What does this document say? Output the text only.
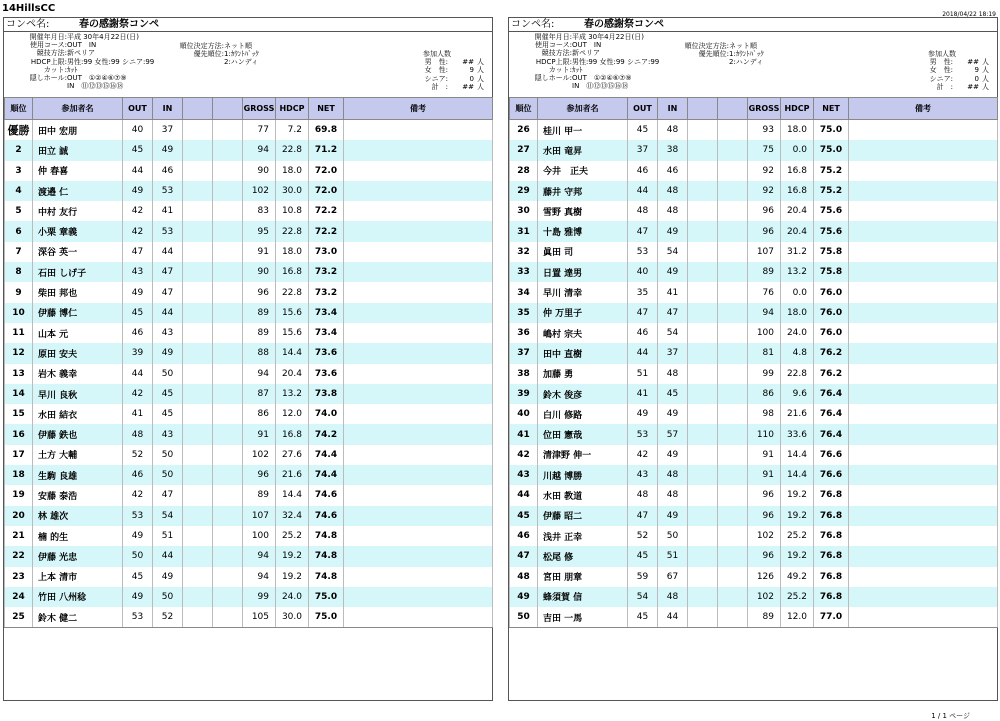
14HillsCC
2018/04/22 18:19
コンペ名:	春の感謝祭コンペ
開催年月日:平成 30年4月22日(日)
使用コース:OUT　IN
競技方法:新ペリア
HDCP上限:男性:99 女性:99 シニア:99
カット:ｶｯﾄ
隠しホール:OUT　①②④⑥⑦⑨
IN　⑪⑫⑬⑮⑯⑱
順位決定方法:ネット順
優先順位:1:ｶｳﾝﾄﾊﾞｯｸ
2:ハンディ
参加人数
男　性: ## 人
女　性:	9 人
シニア:	0 人
計　: ## 人
順位	参加者名	OUT	IN			GROSS	HDCP	NET	備考
優勝	田中 宏朋	40	37			77	7.2	69.8	
2	田立 誠	45	49			94	22.8	71.2	
3	仲 春喜	44	46			90	18.0	72.0	
4	渡邉 仁	49	53			102	30.0	72.0	
5	中村 友行	42	41			83	10.8	72.2	
6	小栗 章義	42	53			95	22.8	72.2	
7	深谷 英一	47	44			91	18.0	73.0	
8	石田 しげ子	43	47			90	16.8	73.2	
9	柴田 邦也	49	47			96	22.8	73.2	
10	伊藤 博仁	45	44			89	15.6	73.4	
11	山本 元	46	43			89	15.6	73.4	
12	原田 安夫	39	49			88	14.4	73.6	
13	岩木 義幸	44	50			94	20.4	73.6	
14	早川 良秋	42	45			87	13.2	73.8	
15	水田 結衣	41	45			86	12.0	74.0	
16	伊藤 鉄也	48	43			91	16.8	74.2	
17	土方 大輔	52	50			102	27.6	74.4	
18	生駒 良雄	46	50			96	21.6	74.4	
19	安藤 泰浩	42	47			89	14.4	74.6	
20	林 雄次	53	54			107	32.4	74.6	
21	楠 的生	49	51			100	25.2	74.8	
22	伊藤 光忠	50	44			94	19.2	74.8	
23	上本 清市	45	49			94	19.2	74.8	
24	竹田 八州稔	49	50			99	24.0	75.0	
25	鈴木 健二	53	52			105	30.0	75.0	
コンペ名:	春の感謝祭コンペ
開催年月日:平成 30年4月22日(日)
使用コース:OUT　IN
競技方法:新ペリア
HDCP上限:男性:99 女性:99 シニア:99
カット:ｶｯﾄ
隠しホール:OUT　①②④⑥⑦⑨
IN　⑪⑫⑬⑮⑯⑱
順位決定方法:ネット順
優先順位:1:ｶｳﾝﾄﾊﾞｯｸ
2:ハンディ
参加人数
男　性: ## 人
女　性:	9 人
シニア:	0 人
計　: ## 人
順位	参加者名	OUT	IN			GROSS	HDCP	NET	備考
26	桂川 甲一	45	48			93	18.0	75.0	
27	水田 竜昇	37	38			75	0.0	75.0	
28	今井　正夫	46	46			92	16.8	75.2	
29	藤井 守邦	44	48			92	16.8	75.2	
30	雪野 真樹	48	48			96	20.4	75.6	
31	十島 雅博	47	49			96	20.4	75.6	
32	眞田 司	53	54			107	31.2	75.8	
33	日置 達男	40	49			89	13.2	75.8	
34	早川 清幸	35	41			76	0.0	76.0	
35	仲 万里子	47	47			94	18.0	76.0	
36	嶋村 宗夫	46	54			100	24.0	76.0	
37	田中 直樹	44	37			81	4.8	76.2	
38	加藤 勇	51	48			99	22.8	76.2	
39	鈴木 俊彦	41	45			86	9.6	76.4	
40	白川 修路	49	49			98	21.6	76.4	
41	位田 憲哉	53	57			110	33.6	76.4	
42	清津野 伸一	42	49			91	14.4	76.6	
43	川越 博勝	43	48			91	14.4	76.6	
44	水田 教道	48	48			96	19.2	76.8	
45	伊藤 昭二	47	49			96	19.2	76.8	
46	浅井 正幸	52	50			102	25.2	76.8	
47	松尾 修	45	51			96	19.2	76.8	
48	宮田 朋章	59	67			126	49.2	76.8	
49	蜂須賀 信	54	48			102	25.2	76.8	
50	吉田 一馬	45	44			89	12.0	77.0	
1 / 1 ページ
